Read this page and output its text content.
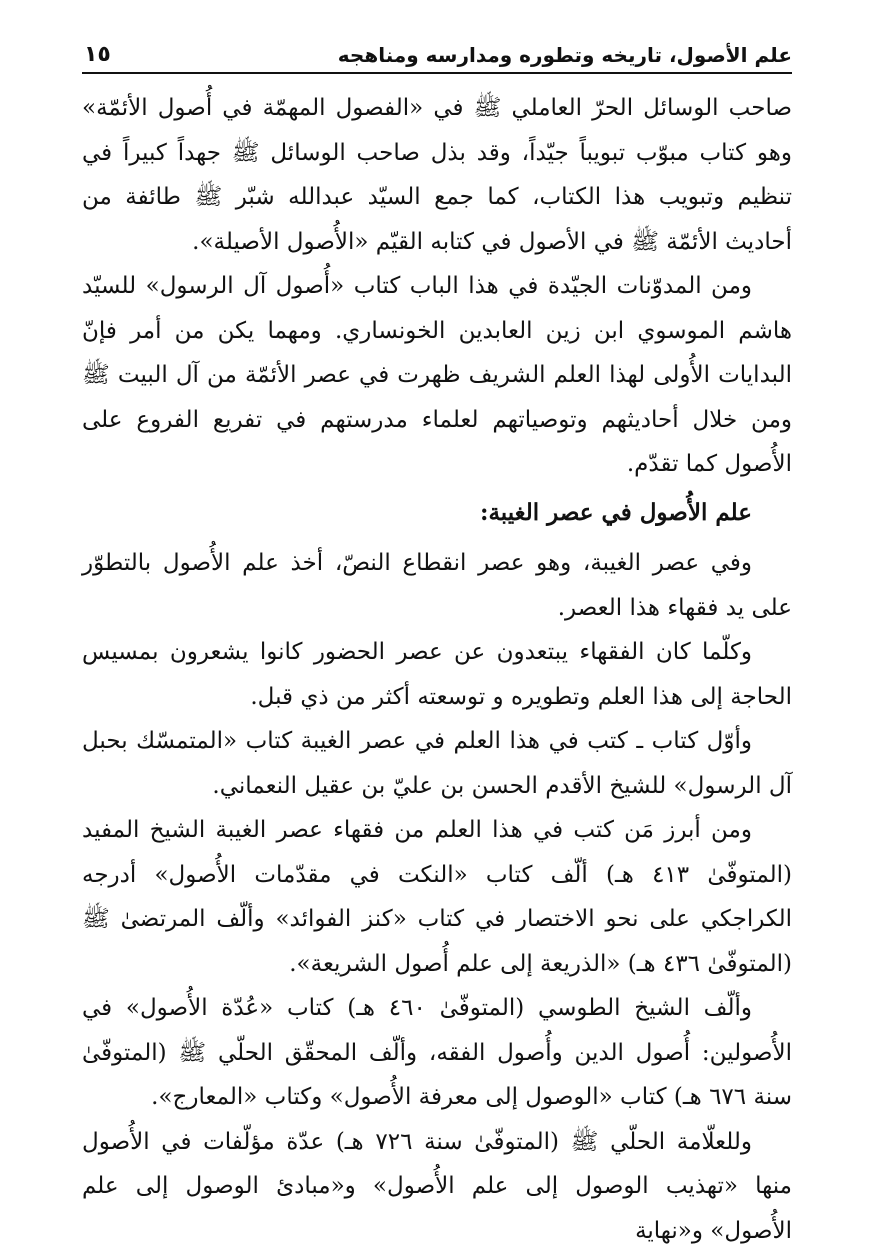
علم الأصول، تاريخه وتطوره ومدارسه ومناهجه
١٥

صاحب الوسائل الحرّ العاملي ﷺ في «الفصول المهمّة في أُصول الأئمّة» وهو كتاب مبوّب تبويباً جيّداً، وقد بذل صاحب الوسائل ﷺ جهداً كبيراً في تنظيم وتبويب هذا الكتاب، كما جمع السيّد عبدالله شبّر ﷺ طائفة من أحاديث الأئمّة ﷺ في الأصول في كتابه القيّم «الأُصول الأصيلة».

ومن المدوّنات الجيّدة في هذا الباب كتاب «أُصول آل الرسول» للسيّد هاشم الموسوي ابن زين العابدين الخونساري. ومهما يكن من أمر فإنّ البدايات الأُولى لهذا العلم الشريف ظهرت في عصر الأئمّة من آل البيت ﷺ ومن خلال أحاديثهم وتوصياتهم لعلماء مدرستهم في تفريع الفروع على الأُصول كما تقدّم.

علم الأُصول في عصر الغيبة:

وفي عصر الغيبة، وهو عصر انقطاع النصّ، أخذ علم الأُصول بالتطوّر على يد فقهاء هذا العصر.

وكلّما كان الفقهاء يبتعدون عن عصر الحضور كانوا يشعرون بمسيس الحاجة إلى هذا العلم وتطويره و توسعته أكثر من ذي قبل.

وأوّل كتاب ـ كتب في هذا العلم في عصر الغيبة كتاب «المتمسّك بحبل آل الرسول» للشيخ الأقدم الحسن بن عليّ بن عقيل النعماني.

ومن أبرز مَن كتب في هذا العلم من فقهاء عصر الغيبة الشيخ المفيد (المتوفّىٰ ٤١٣ هـ) ألّف كتاب «النكت في مقدّمات الأُصول» أدرجه الكراجكي على نحو الاختصار في كتاب «كنز الفوائد» وألّف المرتضىٰ ﷺ (المتوفّىٰ ٤٣٦ هـ) «الذريعة إلى علم أُصول الشريعة».

وألّف الشيخ الطوسي (المتوفّىٰ ٤٦٠ هـ) كتاب «عُدّة الأُصول» في الأُصولين: أُصول الدين وأُصول الفقه، وألّف المحقّق الحلّي ﷺ (المتوفّىٰ سنة ٦٧٦ هـ) كتاب «الوصول إلى معرفة الأُصول» وكتاب «المعارج».

وللعلّامة الحلّي ﷺ (المتوفّىٰ سنة ٧٢٦ هـ) عدّة مؤلّفات في الأُصول منها «تهذيب الوصول إلى علم الأُصول» و«مبادئ الوصول إلى علم الأُصول» و«نهاية
